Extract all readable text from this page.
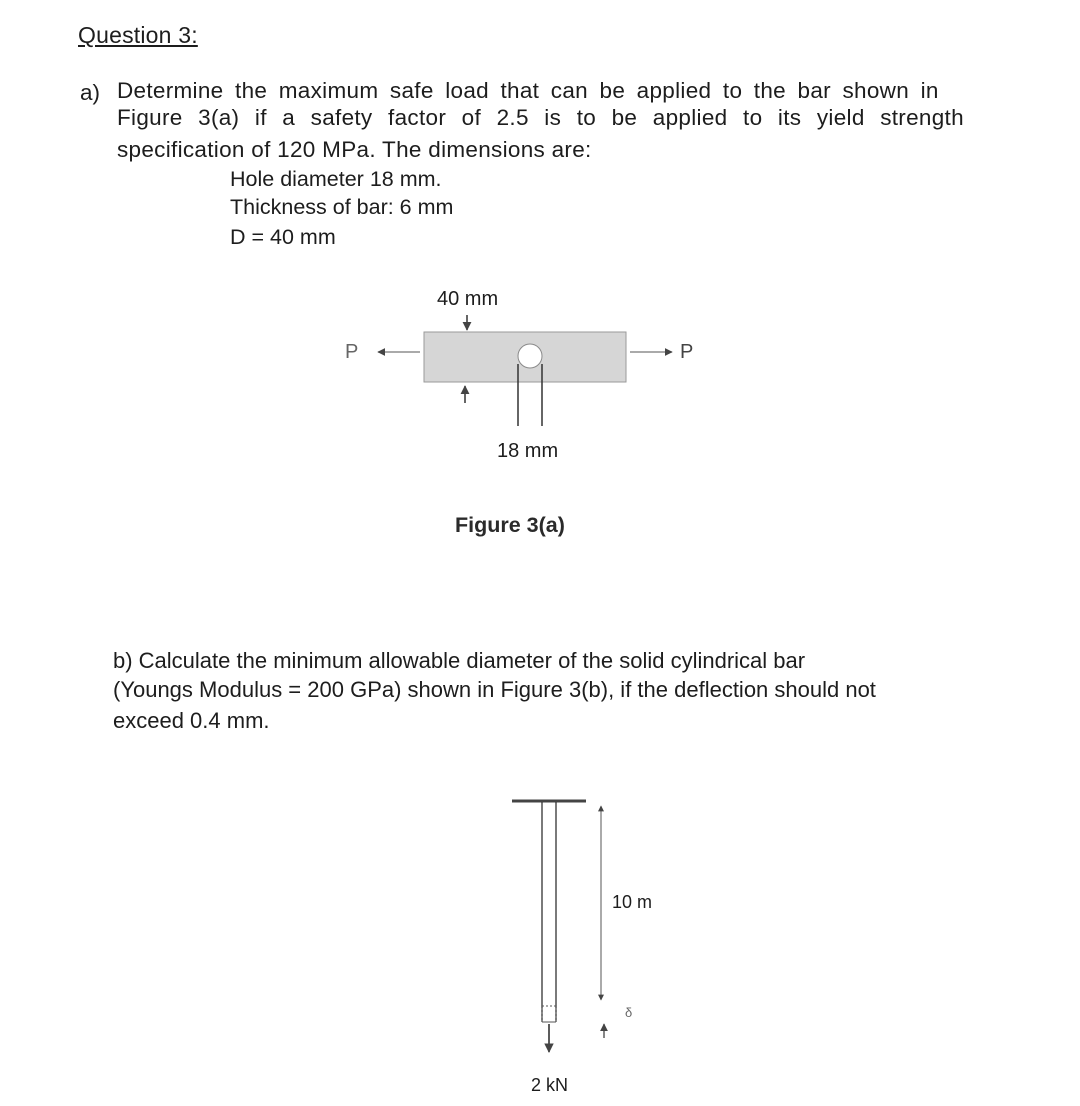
Question 3:
a) Determine the maximum safe load that can be applied to the bar shown in
Figure 3(a) if a safety factor of 2.5 is to be applied to its yield strength
specification of 120 MPa. The dimensions are:
Hole diameter 18 mm.
Thickness of bar: 6 mm
D = 40 mm
40 mm
18 mm
P	P
Figure 3(a)
b) Calculate the minimum allowable diameter of the solid cylindrical bar
(Youngs Modulus = 200 GPa) shown in Figure 3(b), if the deflection should not
exceed 0.4 mm.
10 m
δ
2 kN
